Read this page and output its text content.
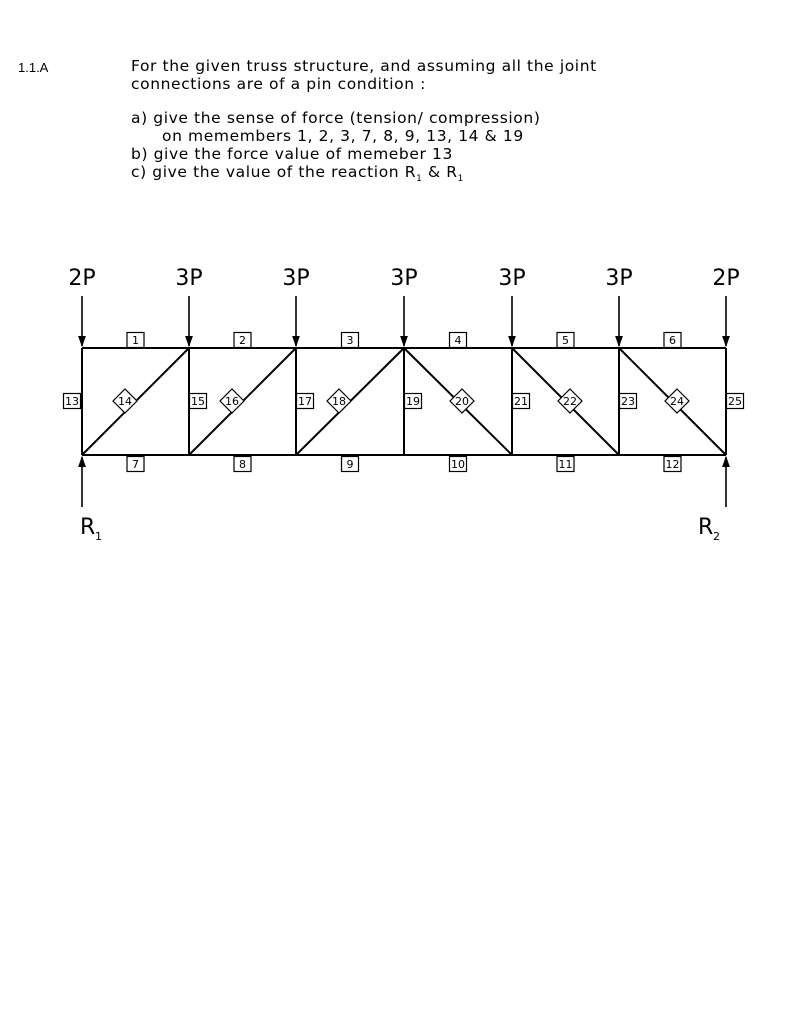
1.1.A	For the given truss structure, and assuming all the joint
connections are of a pin condition :
a) give the sense of force (tension/ compression)
on memembers 1, 2, 3, 7, 8, 9, 13, 14 & 19
b) give the force value of memeber 13
c) give the value of the reaction $R_1$ & $R_1$
1	2	3	4	5	6
7	8	9	10	11	12
13	15	17	19	21	23	25
14	16	18	20	22	24
2P	3P	3P	3P	3P	3P	2P
R 1	R 2
